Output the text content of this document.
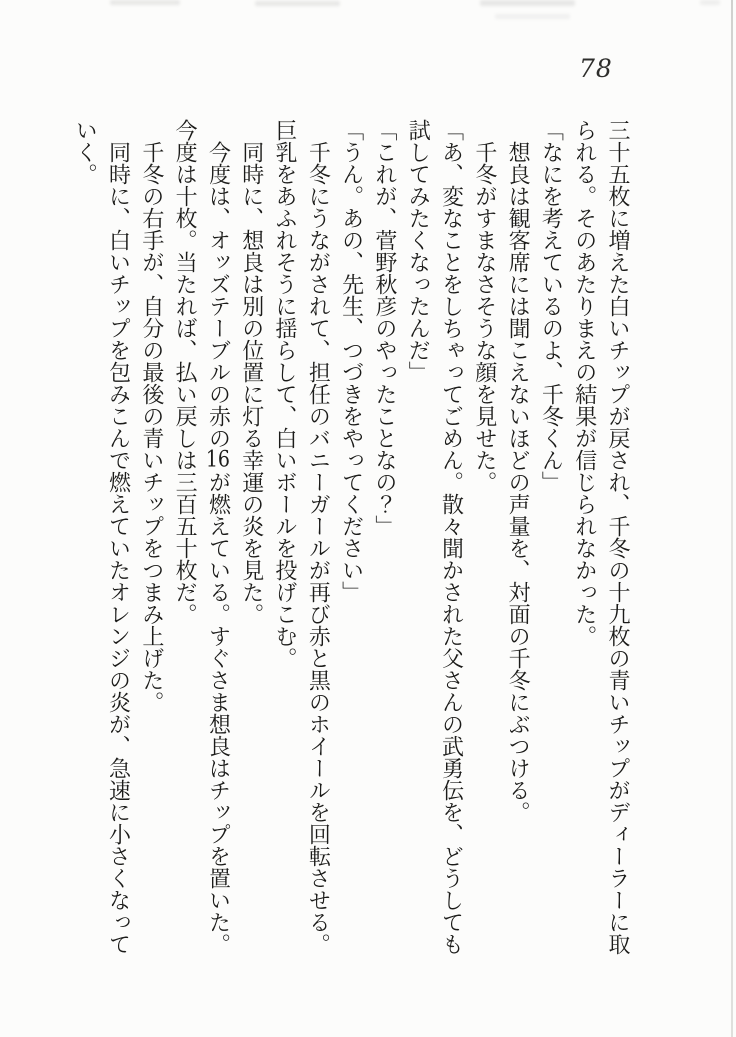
78

三十五枚に増えた白いチップが戻され、千冬の十九枚の青いチップがディーラーに取られる。そのあたりまえの結果が信じられなかった。

「なにを考えているのよ、千冬くん」

想良は観客席には聞こえないほどの声量を、対面の千冬にぶつける。

千冬がすまなさそうな顔を見せた。

「あ、変なことをしちゃってごめん。散々聞かされた父さんの武勇伝を、どうしても試してみたくなったんだ」

「これが、菅野秋彦のやったことなの？」

「うん。あの、先生、つづきをやってください」

千冬にうながされて、担任のバニーガールが再び赤と黒のホイールを回転させる。巨乳をあふれそうに揺らして、白いボールを投げこむ。

同時に、想良は別の位置に灯る幸運の炎を見た。

今度は、オッズテーブルの赤の16が燃えている。すぐさま想良はチップを置いた。今度は十枚。当たれば、払い戻しは三百五十枚だ。

千冬の右手が、自分の最後の青いチップをつまみ上げた。

同時に、白いチップを包みこんで燃えていたオレンジの炎が、急速に小さくなっていく。
